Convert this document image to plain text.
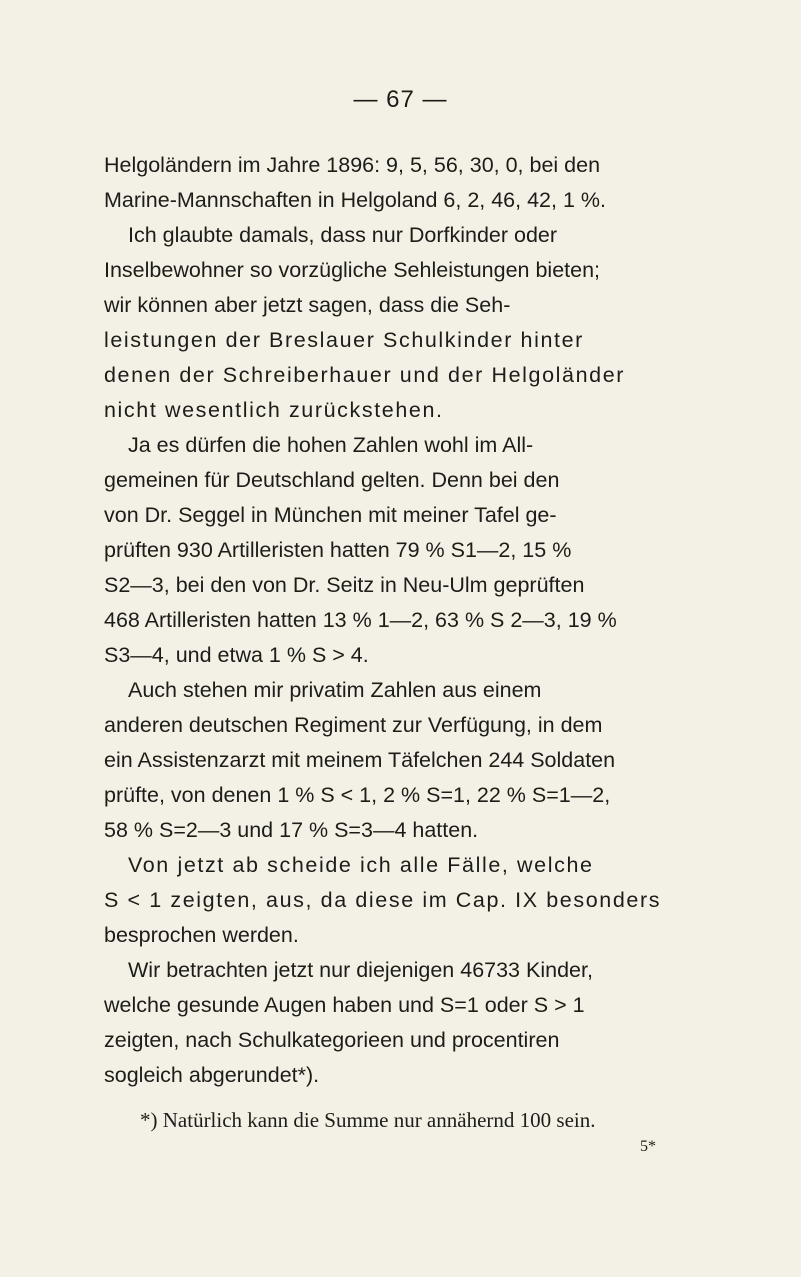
— 67 —
Helgoländern im Jahre 1896: 9, 5, 56, 30, 0, bei den
Marine-Mannschaften in Helgoland 6, 2, 46, 42, 1 %.
Ich glaubte damals, dass nur Dorfkinder oder
Inselbewohner so vorzügliche Sehleistungen bieten;
wir können aber jetzt sagen, dass die Seh-
leistungen der Breslauer Schulkinder hinter
denen der Schreiberhauer und der Helgoländer
nicht wesentlich zurückstehen.
Ja es dürfen die hohen Zahlen wohl im All-
gemeinen für Deutschland gelten. Denn bei den
von Dr. Seggel in München mit meiner Tafel ge-
prüften 930 Artilleristen hatten 79 % S1—2, 15 %
S2—3, bei den von Dr. Seitz in Neu-Ulm geprüften
468 Artilleristen hatten 13 % 1—2, 63 % S 2—3, 19 %
S3—4, und etwa 1 % S > 4.
Auch stehen mir privatim Zahlen aus einem
anderen deutschen Regiment zur Verfügung, in dem
ein Assistenzarzt mit meinem Täfelchen 244 Soldaten
prüfte, von denen 1 % S < 1, 2 % S=1, 22 % S=1—2,
58 % S=2—3 und 17 % S=3—4 hatten.
Von jetzt ab scheide ich alle Fälle, welche
S < 1 zeigten, aus, da diese im Cap. IX besonders
besprochen werden.
Wir betrachten jetzt nur diejenigen 46733 Kinder,
welche gesunde Augen haben und S=1 oder S > 1
zeigten, nach Schulkategorieen und procentiren
sogleich abgerundet*).
*) Natürlich kann die Summe nur annähernd 100 sein.
5*
